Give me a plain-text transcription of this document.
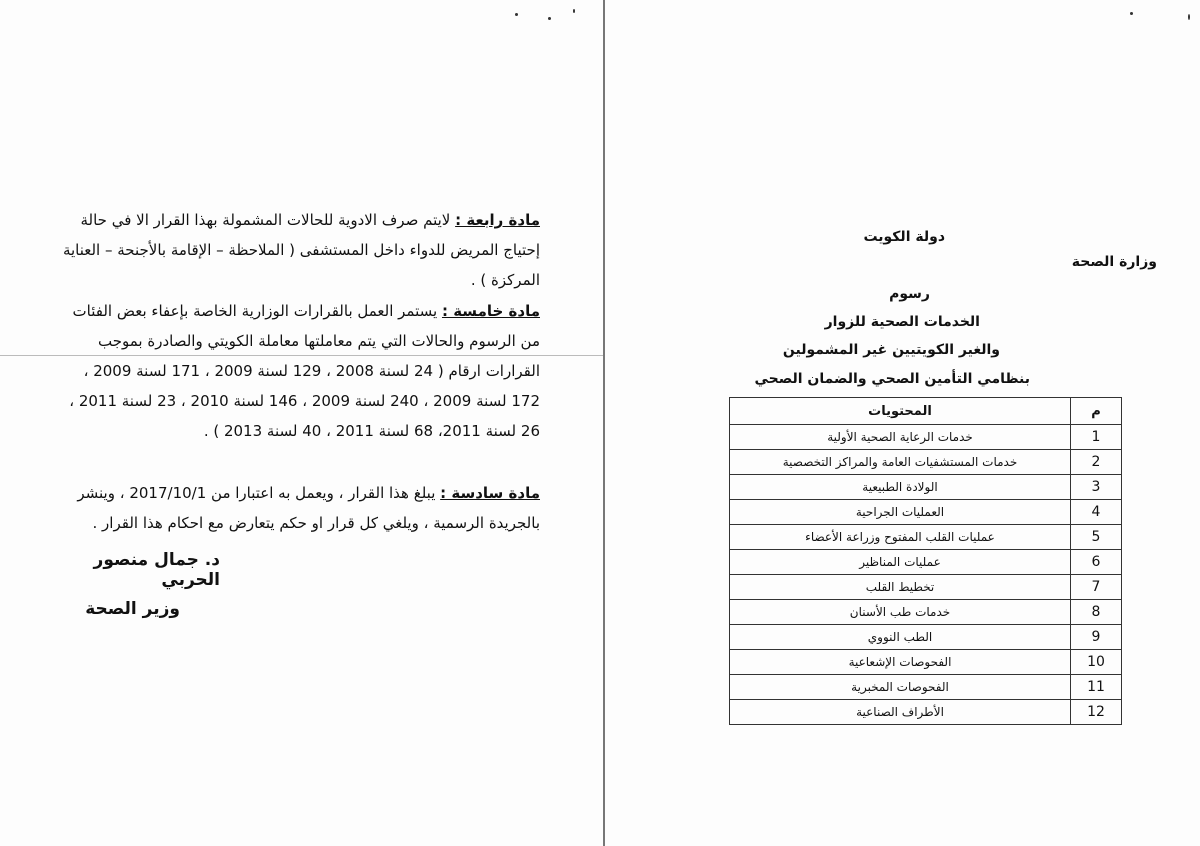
مادة رابعة : لايتم صرف الادوية للحالات المشمولة بهذا القرار الا في حالة إحتياج المريض للدواء داخل المستشفى ( الملاحظة – الإقامة بالأجنحة – العناية المركزة ) .
مادة خامسة : يستمر العمل بالقرارات الوزارية الخاصة بإعفاء بعض الفئات من الرسوم والحالات التي يتم معاملتها معاملة الكويتي والصادرة بموجب القرارات ارقام ( 24 لسنة 2008 ، 129 لسنة 2009 ، 171 لسنة 2009 ، 172 لسنة 2009 ، 240 لسنة 2009 ، 146 لسنة 2010 ، 23 لسنة 2011 ، 26 لسنة 2011، 68 لسنة 2011 ، 40 لسنة 2013 ) .
مادة سادسة : يبلغ هذا القرار ، ويعمل به اعتبارا من 2017/10/1 ، وينشر بالجريدة الرسمية ، ويلغي كل قرار او حكم يتعارض مع احكام هذا القرار .
د. جمال منصور الحربي
وزير الصحة
دولة الكويت
وزارة الصحة
رسوم
الخدمات الصحية للزوار
والغير الكويتيين غير المشمولين
بنظامي التأمين الصحي والضمان الصحي
م	المحتويات
1	خدمات الرعاية الصحية الأولية
2	خدمات المستشفيات العامة والمراكز التخصصية
3	الولادة الطبيعية
4	العمليات الجراحية
5	عمليات القلب المفتوح وزراعة الأعضاء
6	عمليات المناظير
7	تخطيط القلب
8	خدمات طب الأسنان
9	الطب النووي
10	الفحوصات الإشعاعية
11	الفحوصات المخبرية
12	الأطراف الصناعية
